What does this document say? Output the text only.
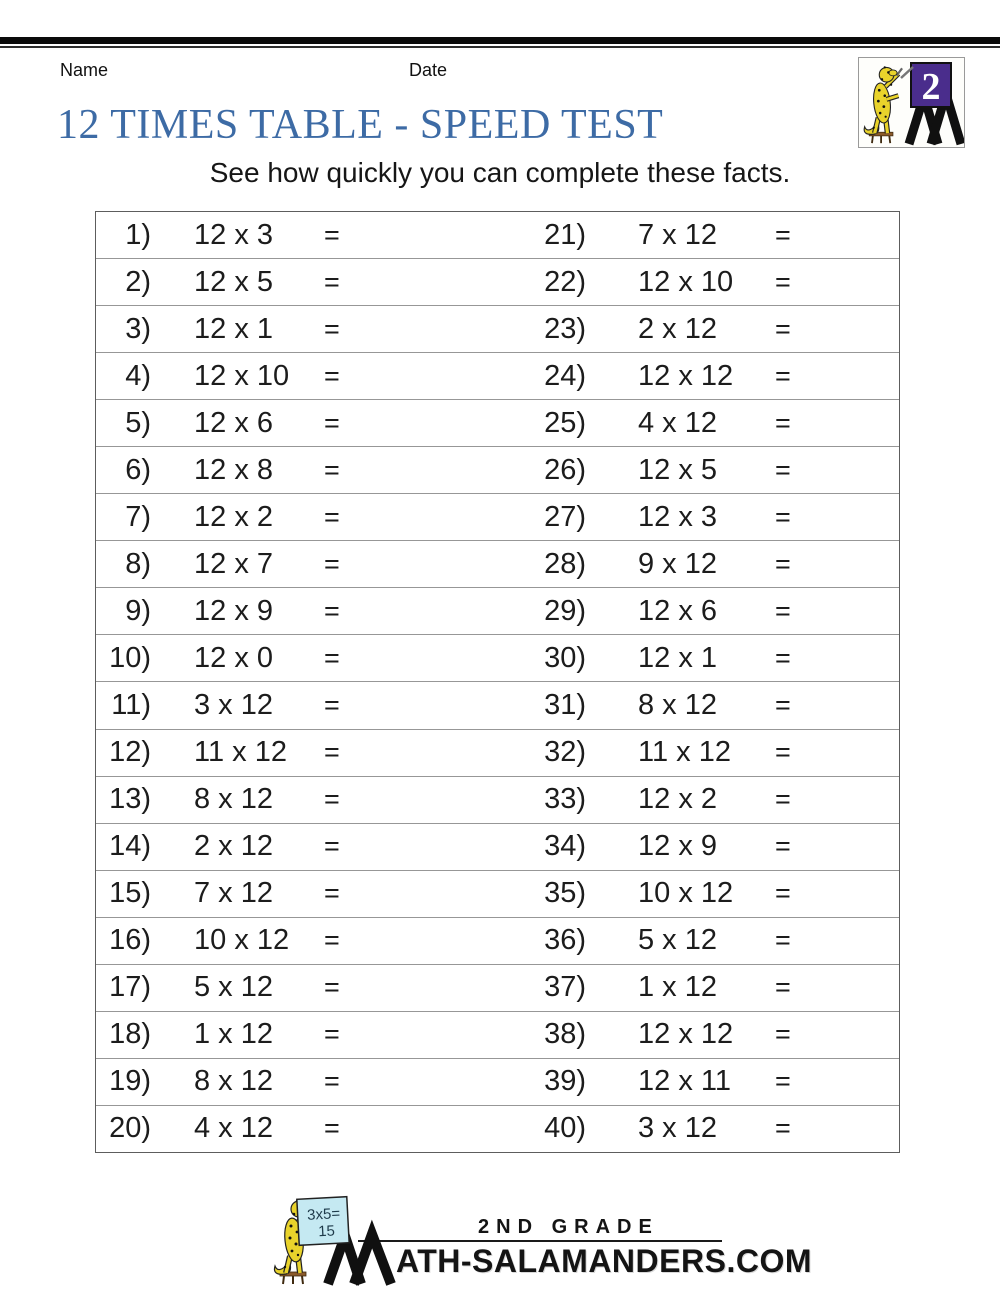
Name	Date	2
12 TIMES TABLE - SPEED TEST
See how quickly you can complete these facts.
1)	12 x 3	=	21)	7 x 12	=
2)	12 x 5	=	22)	12 x 10	=
3)	12 x 1	=	23)	2 x 12	=
4)	12 x 10	=	24)	12 x 12	=
5)	12 x 6	=	25)	4 x 12	=
6)	12 x 8	=	26)	12 x 5	=
7)	12 x 2	=	27)	12 x 3	=
8)	12 x 7	=	28)	9 x 12	=
9)	12 x 9	=	29)	12 x 6	=
10)	12 x 0	=	30)	12 x 1	=
11)	3 x 12	=	31)	8 x 12	=
12)	11 x 12	=	32)	11 x 12	=
13)	8 x 12	=	33)	12 x 2	=
14)	2 x 12	=	34)	12 x 9	=
15)	7 x 12	=	35)	10 x 12	=
16)	10 x 12	=	36)	5 x 12	=
17)	5 x 12	=	37)	1 x 12	=
18)	1 x 12	=	38)	12 x 12	=
19)	8 x 12	=	39)	12 x 11	=
20)	4 x 12	=	40)	3 x 12	=
3x5=
15	2ND GRADE
ATH-SALAMANDERS.COM
